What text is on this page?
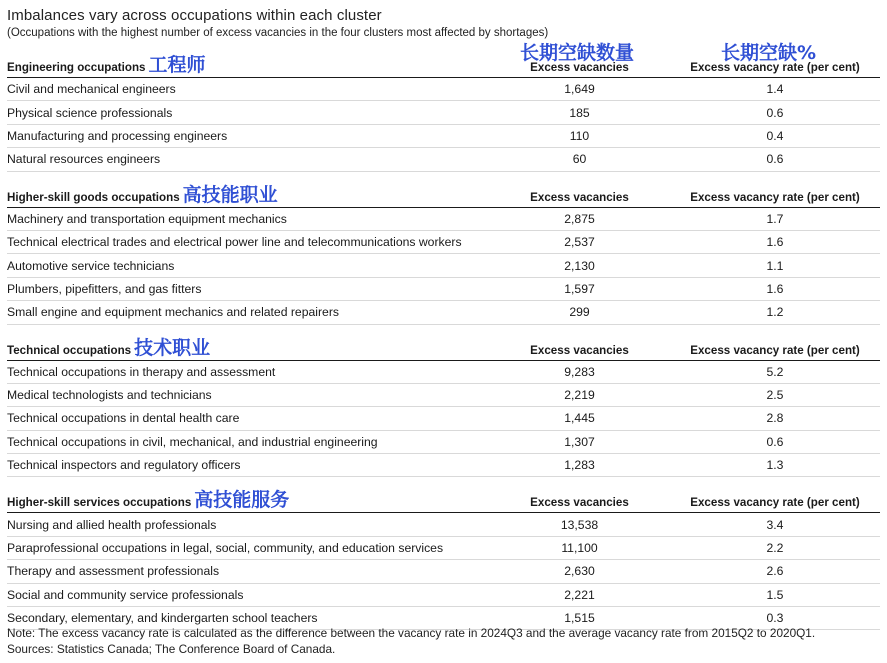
Imbalances vary across occupations within each cluster
(Occupations with the highest number of excess vacancies in the four clusters most affected by shortages)
长期空缺数量	长期空缺%
Engineering occupations 工程师	Excess vacancies	Excess vacancy rate (per cent)
Civil and mechanical engineers	1,649	1.4
Physical science professionals	185	0.6
Manufacturing and processing engineers	110	0.4
Natural resources engineers	60	0.6
Higher-skill goods occupations 高技能职业	Excess vacancies	Excess vacancy rate (per cent)
Machinery and transportation equipment mechanics	2,875	1.7
Technical electrical trades and electrical power line and telecommunications workers	2,537	1.6
Automotive service technicians	2,130	1.1
Plumbers, pipefitters, and gas fitters	1,597	1.6
Small engine and equipment mechanics and related repairers	299	1.2
Technical occupations 技术职业	Excess vacancies	Excess vacancy rate (per cent)
Technical occupations in therapy and assessment	9,283	5.2
Medical technologists and technicians	2,219	2.5
Technical occupations in dental health care	1,445	2.8
Technical occupations in civil, mechanical, and industrial engineering	1,307	0.6
Technical inspectors and regulatory officers	1,283	1.3
Higher-skill services occupations 高技能服务	Excess vacancies	Excess vacancy rate (per cent)
Nursing and allied health professionals	13,538	3.4
Paraprofessional occupations in legal, social, community, and education services	11,100	2.2
Therapy and assessment professionals	2,630	2.6
Social and community service professionals	2,221	1.5
Secondary, elementary, and kindergarten school teachers	1,515	0.3
Note: The excess vacancy rate is calculated as the difference between the vacancy rate in 2024Q3 and the average vacancy rate from 2015Q2 to 2020Q1.
Sources: Statistics Canada; The Conference Board of Canada.
